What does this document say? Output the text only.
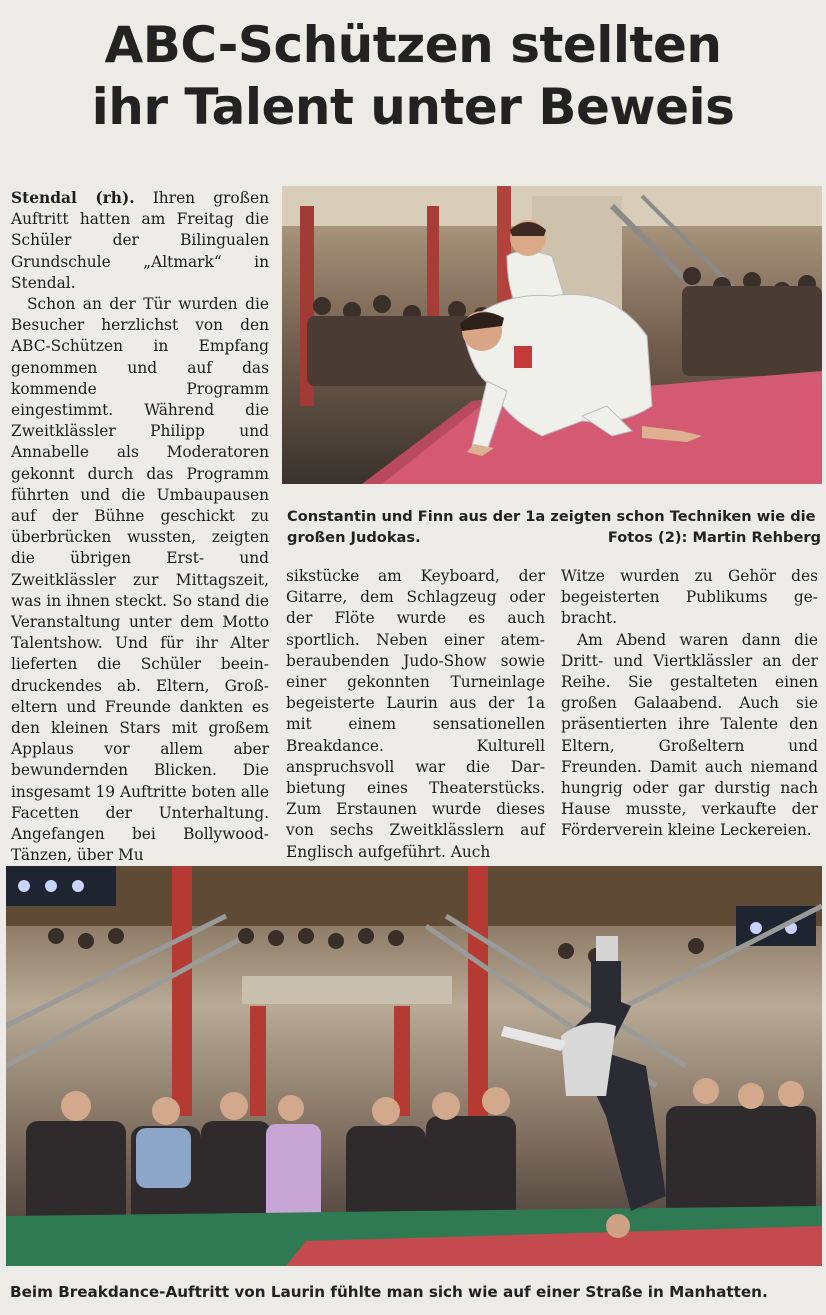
ABC-Schützen stellten
ihr Talent unter Beweis

Stendal (rh). Ihren großen Auftritt hatten am Freitag die Schüler der Bilingualen Grundschule „Altmark“ in Stendal.

Schon an der Tür wurden die Besucher herzlichst von den ABC-Schützen in Empfang genommen und auf das kommende Programm eingestimmt. Während die Zweitklässler Philipp und Annabelle als Moderatoren gekonnt durch das Programm führten und die Umbaupausen auf der Bühne geschickt zu überbrücken wussten, zeigten die übrigen Erst- und Zweitklässler zur Mittagszeit, was in ihnen steckt. So stand die Veranstaltung unter dem Motto Talentshow. Und für ihr Alter lieferten die Schüler beeindruckendes ab. Eltern, Großeltern und Freunde dankten es den kleinen Stars mit großem Applaus vor allem aber bewundernden Blicken. Die insgesamt 19 Auftritte boten alle Facetten der Unterhaltung. Angefangen bei Bollywood-Tänzen, über Mu

sikstücke am Keyboard, der Gitarre, dem Schlagzeug oder der Flöte wurde es auch sportlich. Neben einer atemberaubenden Judo-Show sowie einer gekonnten Turneinlage begeisterte Laurin aus der 1a mit einem sensationellen Breakdance. Kulturell anspruchsvoll war die Darbietung eines Theaterstücks. Zum Erstaunen wurde dieses von sechs Zweitklässlern auf Englisch aufgeführt. Auch

Witze wurden zu Gehör des begeisterten Publikums gebracht.

Am Abend waren dann die Dritt- und Viertklässler an der Reihe. Sie gestalteten einen großen Galaabend. Auch sie präsentierten ihre Talente den Eltern, Großeltern und Freunden. Damit auch niemand hungrig oder gar durstig nach Hause musste, verkaufte der Förderverein kleine Leckereien.

Constantin und Finn aus der 1a zeigten schon Techniken wie die großen Judokas.	Fotos (2): Martin Rehberg
Beim Breakdance-Auftritt von Laurin fühlte man sich wie auf einer Straße in Manhatten.
